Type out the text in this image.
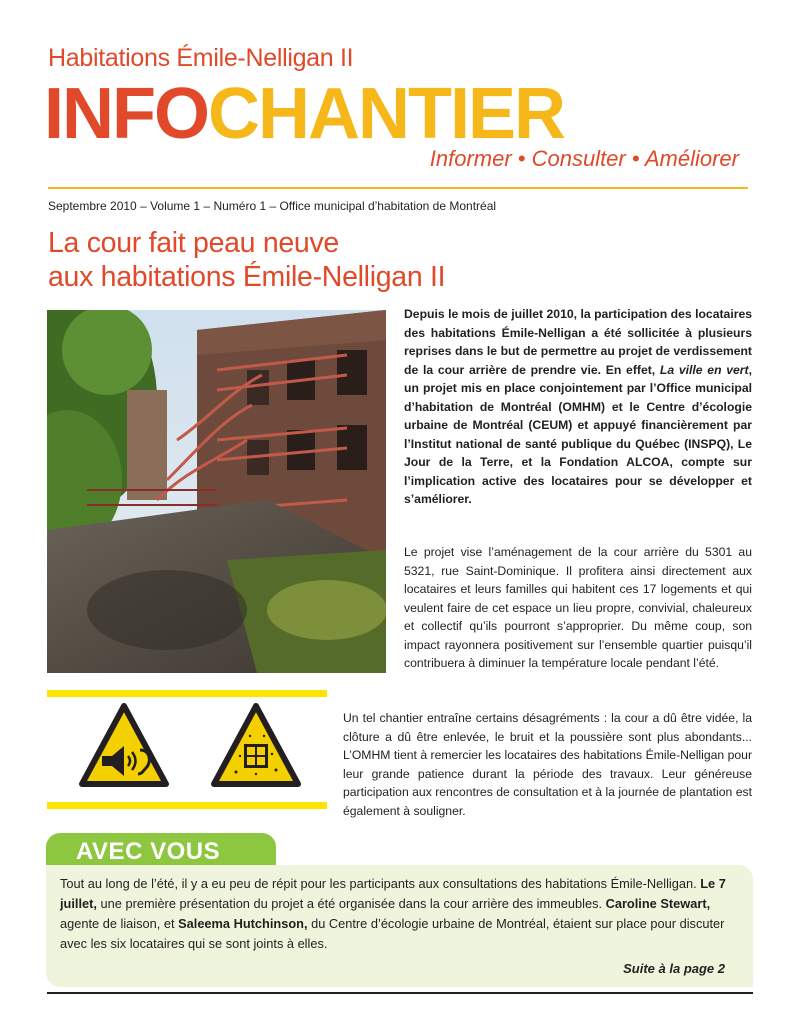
Habitations Émile-Nelligan II
INFOCHANTIER
Informer • Consulter • Améliorer
Septembre 2010 – Volume 1 – Numéro 1 – Office municipal d’habitation de Montréal
La cour fait peau neuve
aux habitations Émile-Nelligan II
Depuis le mois de juillet 2010, la participation des locataires des habitations Émile-Nelligan a été sollicitée à plusieurs reprises dans le but de permettre au projet de verdissement de la cour arrière de prendre vie. En effet, La ville en vert, un projet mis en place conjointement par l’Office municipal d’habitation de Montréal (OMHM) et le Centre d’écologie urbaine de Montréal (CEUM) et appuyé financièrement par l’Institut national de santé publique du Québec (INSPQ), Le Jour de la Terre, et la Fondation ALCOA, compte sur l’implication active des locataires pour se développer et s’améliorer.
Le projet vise l’aménagement de la cour arrière du 5301 au 5321, rue Saint-Dominique. Il profitera ainsi directement aux locataires et leurs familles qui habitent ces 17 logements et qui veulent faire de cet espace un lieu propre, convivial, chaleureux et collectif qu’ils pourront s’approprier. Du même coup, son impact rayonnera positivement sur l’ensemble quartier puisqu’il contribuera à diminuer la température locale pendant l’été.
Un tel chantier entraîne certains désagréments : la cour a dû être vidée, la clôture a dû être enlevée, le bruit et la poussière sont plus abondants... L’OMHM tient à remercier les locataires des habitations Émile-Nelligan pour leur grande patience durant la période des travaux. Leur généreuse participation aux rencontres de consultation et à la journée de plantation est également à souligner.
AVEC VOUS
Tout au long de l’été, il y a eu peu de répit pour les participants aux consultations des habitations Émile-Nelligan. Le 7 juillet, une première présentation du projet a été organisée dans la cour arrière des immeubles. Caroline Stewart, agente de liaison, et Saleema Hutchinson, du Centre d’écologie urbaine de Montréal, étaient sur place pour discuter avec les six locataires qui se sont joints à elles.
Suite à la page 2
